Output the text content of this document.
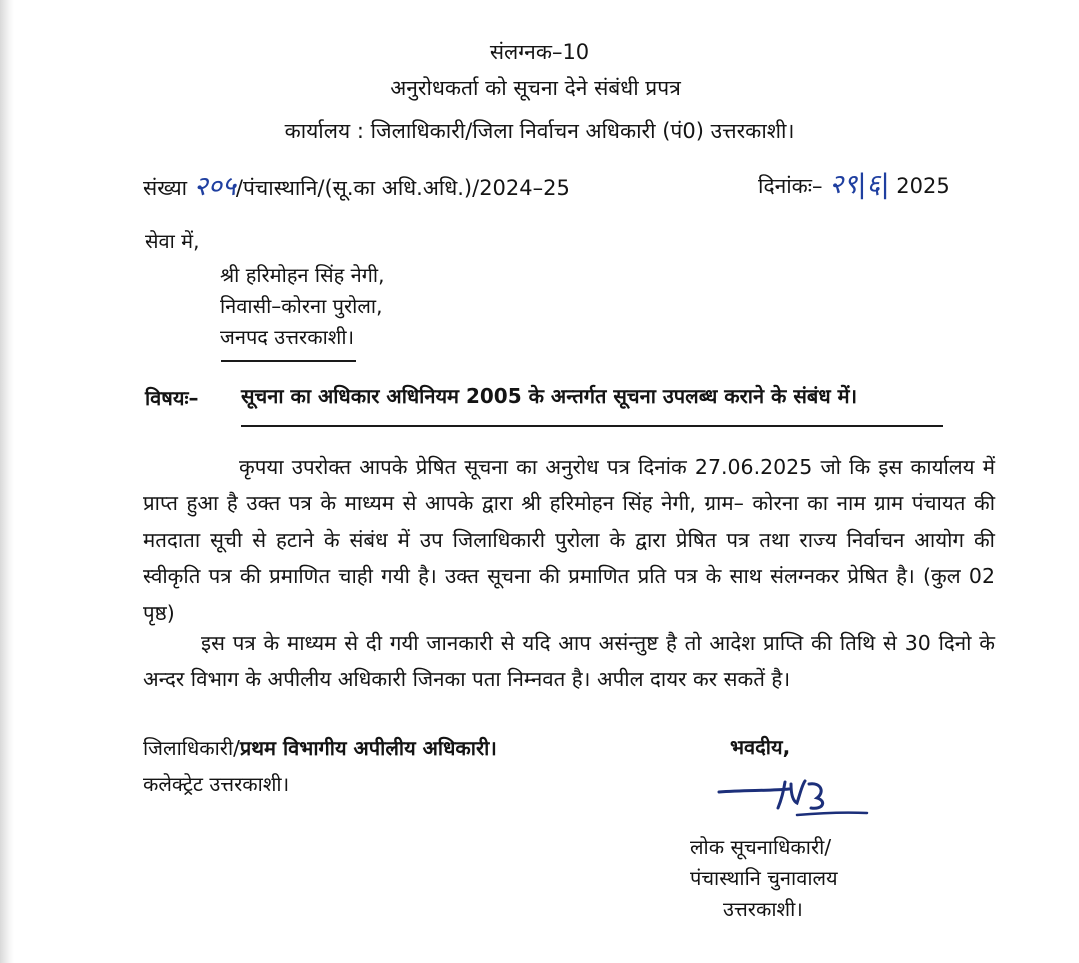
संलग्नक–10
अनुरोधकर्ता को सूचना देने संबंधी प्रपत्र
कार्यालय : जिलाधिकारी/जिला निर्वाचन अधिकारी (पं0) उत्तरकाशी।
संख्या २०५/पंचास्थानि/(सू.का अधि.अधि.)/2024–25	दिनांकः– २९|६| 2025
सेवा में,
श्री हरिमोहन सिंह नेगी,
निवासी–कोरना पुरोला,
जनपद उत्तरकाशी।
विषयः– सूचना का अधिकार अधिनियम 2005 के अन्तर्गत सूचना उपलब्ध कराने के संबंध में।
कृपया उपरोक्त आपके प्रेषित सूचना का अनुरोध पत्र दिनांक 27.06.2025 जो कि इस कार्यालय में प्राप्त हुआ है उक्त पत्र के माध्यम से आपके द्वारा श्री हरिमोहन सिंह नेगी, ग्राम– कोरना का नाम ग्राम पंचायत की मतदाता सूची से हटाने के संबंध में उप जिलाधिकारी पुरोला के द्वारा प्रेषित पत्र तथा राज्य निर्वाचन आयोग की स्वीकृति पत्र की प्रमाणित चाही गयी है। उक्त सूचना की प्रमाणित प्रति पत्र के साथ संलग्नकर प्रेषित है। (कुल 02 पृष्ठ)
इस पत्र के माध्यम से दी गयी जानकारी से यदि आप असंन्तुष्ट है तो आदेश प्राप्ति की तिथि से 30 दिनो के अन्दर विभाग के अपीलीय अधिकारी जिनका पता निम्नवत है। अपील दायर कर सकतें है।
जिलाधिकारी/प्रथम विभागीय अपीलीय अधिकारी।
कलेक्ट्रेट उत्तरकाशी।
भवदीय,
लोक सूचनाधिकारी/
पंचास्थानि चुनावालय
उत्तरकाशी।
